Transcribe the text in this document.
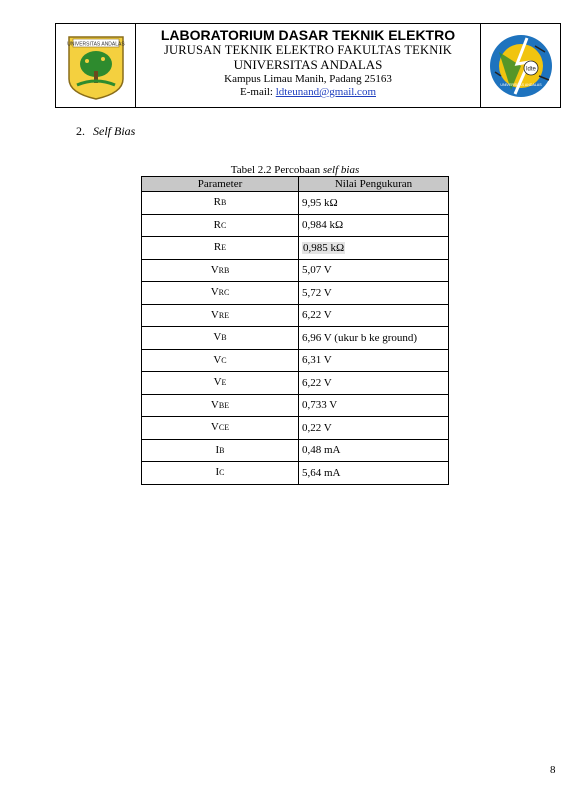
UNIVERSITAS ANDALAS
LABORATORIUM DASAR TEKNIK ELEKTRO
JURUSAN TEKNIK ELEKTRO FAKULTAS TEKNIK
UNIVERSITAS ANDALAS
Kampus Limau Manih, Padang 25163
E-mail: ldteunand@gmail.com
ldte
UNIVERSITAS ANDALAS
2. Self Bias
Tabel 2.2 Percobaan self bias
Parameter	Nilai Pengukuran
RB	9,95 kΩ
RC	0,984 kΩ
RE	0,985 kΩ
VRB	5,07 V
VRC	5,72 V
VRE	6,22 V
VB	6,96 V (ukur b ke ground)
VC	6,31 V
VE	6,22 V
VBE	0,733 V
VCE	0,22 V
IB	0,48 mA
IC	5,64 mA
8
